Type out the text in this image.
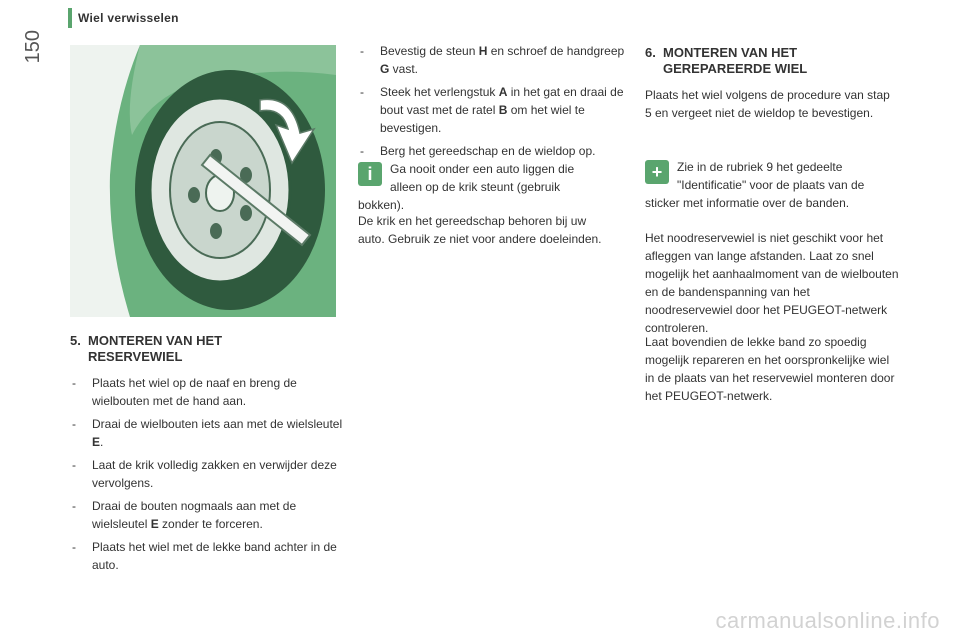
150
Wiel verwisselen
5. MONTEREN VAN HET
RESERVEWIEL
- Plaats het wiel op de naaf en breng de wielbouten met de hand aan.
- Draai de wielbouten iets aan met de wielsleutel E.
- Laat de krik volledig zakken en verwijder deze vervolgens.
- Draai de bouten nogmaals aan met de wielsleutel E zonder te forceren.
- Plaats het wiel met de lekke band achter in de auto.
- Bevestig de steun H en schroef de handgreep G vast.
- Steek het verlengstuk A in het gat en draai de bout vast met de ratel B om het wiel te bevestigen.
- Berg het gereedschap en de wieldop op.
i	Ga nooit onder een auto liggen die alleen op de krik steunt (gebruik bokken).

De krik en het gereedschap behoren bij uw auto. Gebruik ze niet voor andere doeleinden.

6. MONTEREN VAN HET
GEREPAREERDE WIEL

Plaats het wiel volgens de procedure van stap 5 en vergeet niet de wieldop te bevestigen.

+	Zie in de rubriek 9 het gedeelte "Identificatie" voor de plaats van de sticker met informatie over de banden.

Het noodreservewiel is niet geschikt voor het afleggen van lange afstanden. Laat zo snel mogelijk het aanhaalmoment van de wielbouten en de bandenspanning van het noodreservewiel door het PEUGEOT-netwerk controleren.

Laat bovendien de lekke band zo spoedig mogelijk repareren en het oorspronkelijke wiel in de plaats van het reservewiel monteren door het PEUGEOT-netwerk.

carmanualsonline.info
